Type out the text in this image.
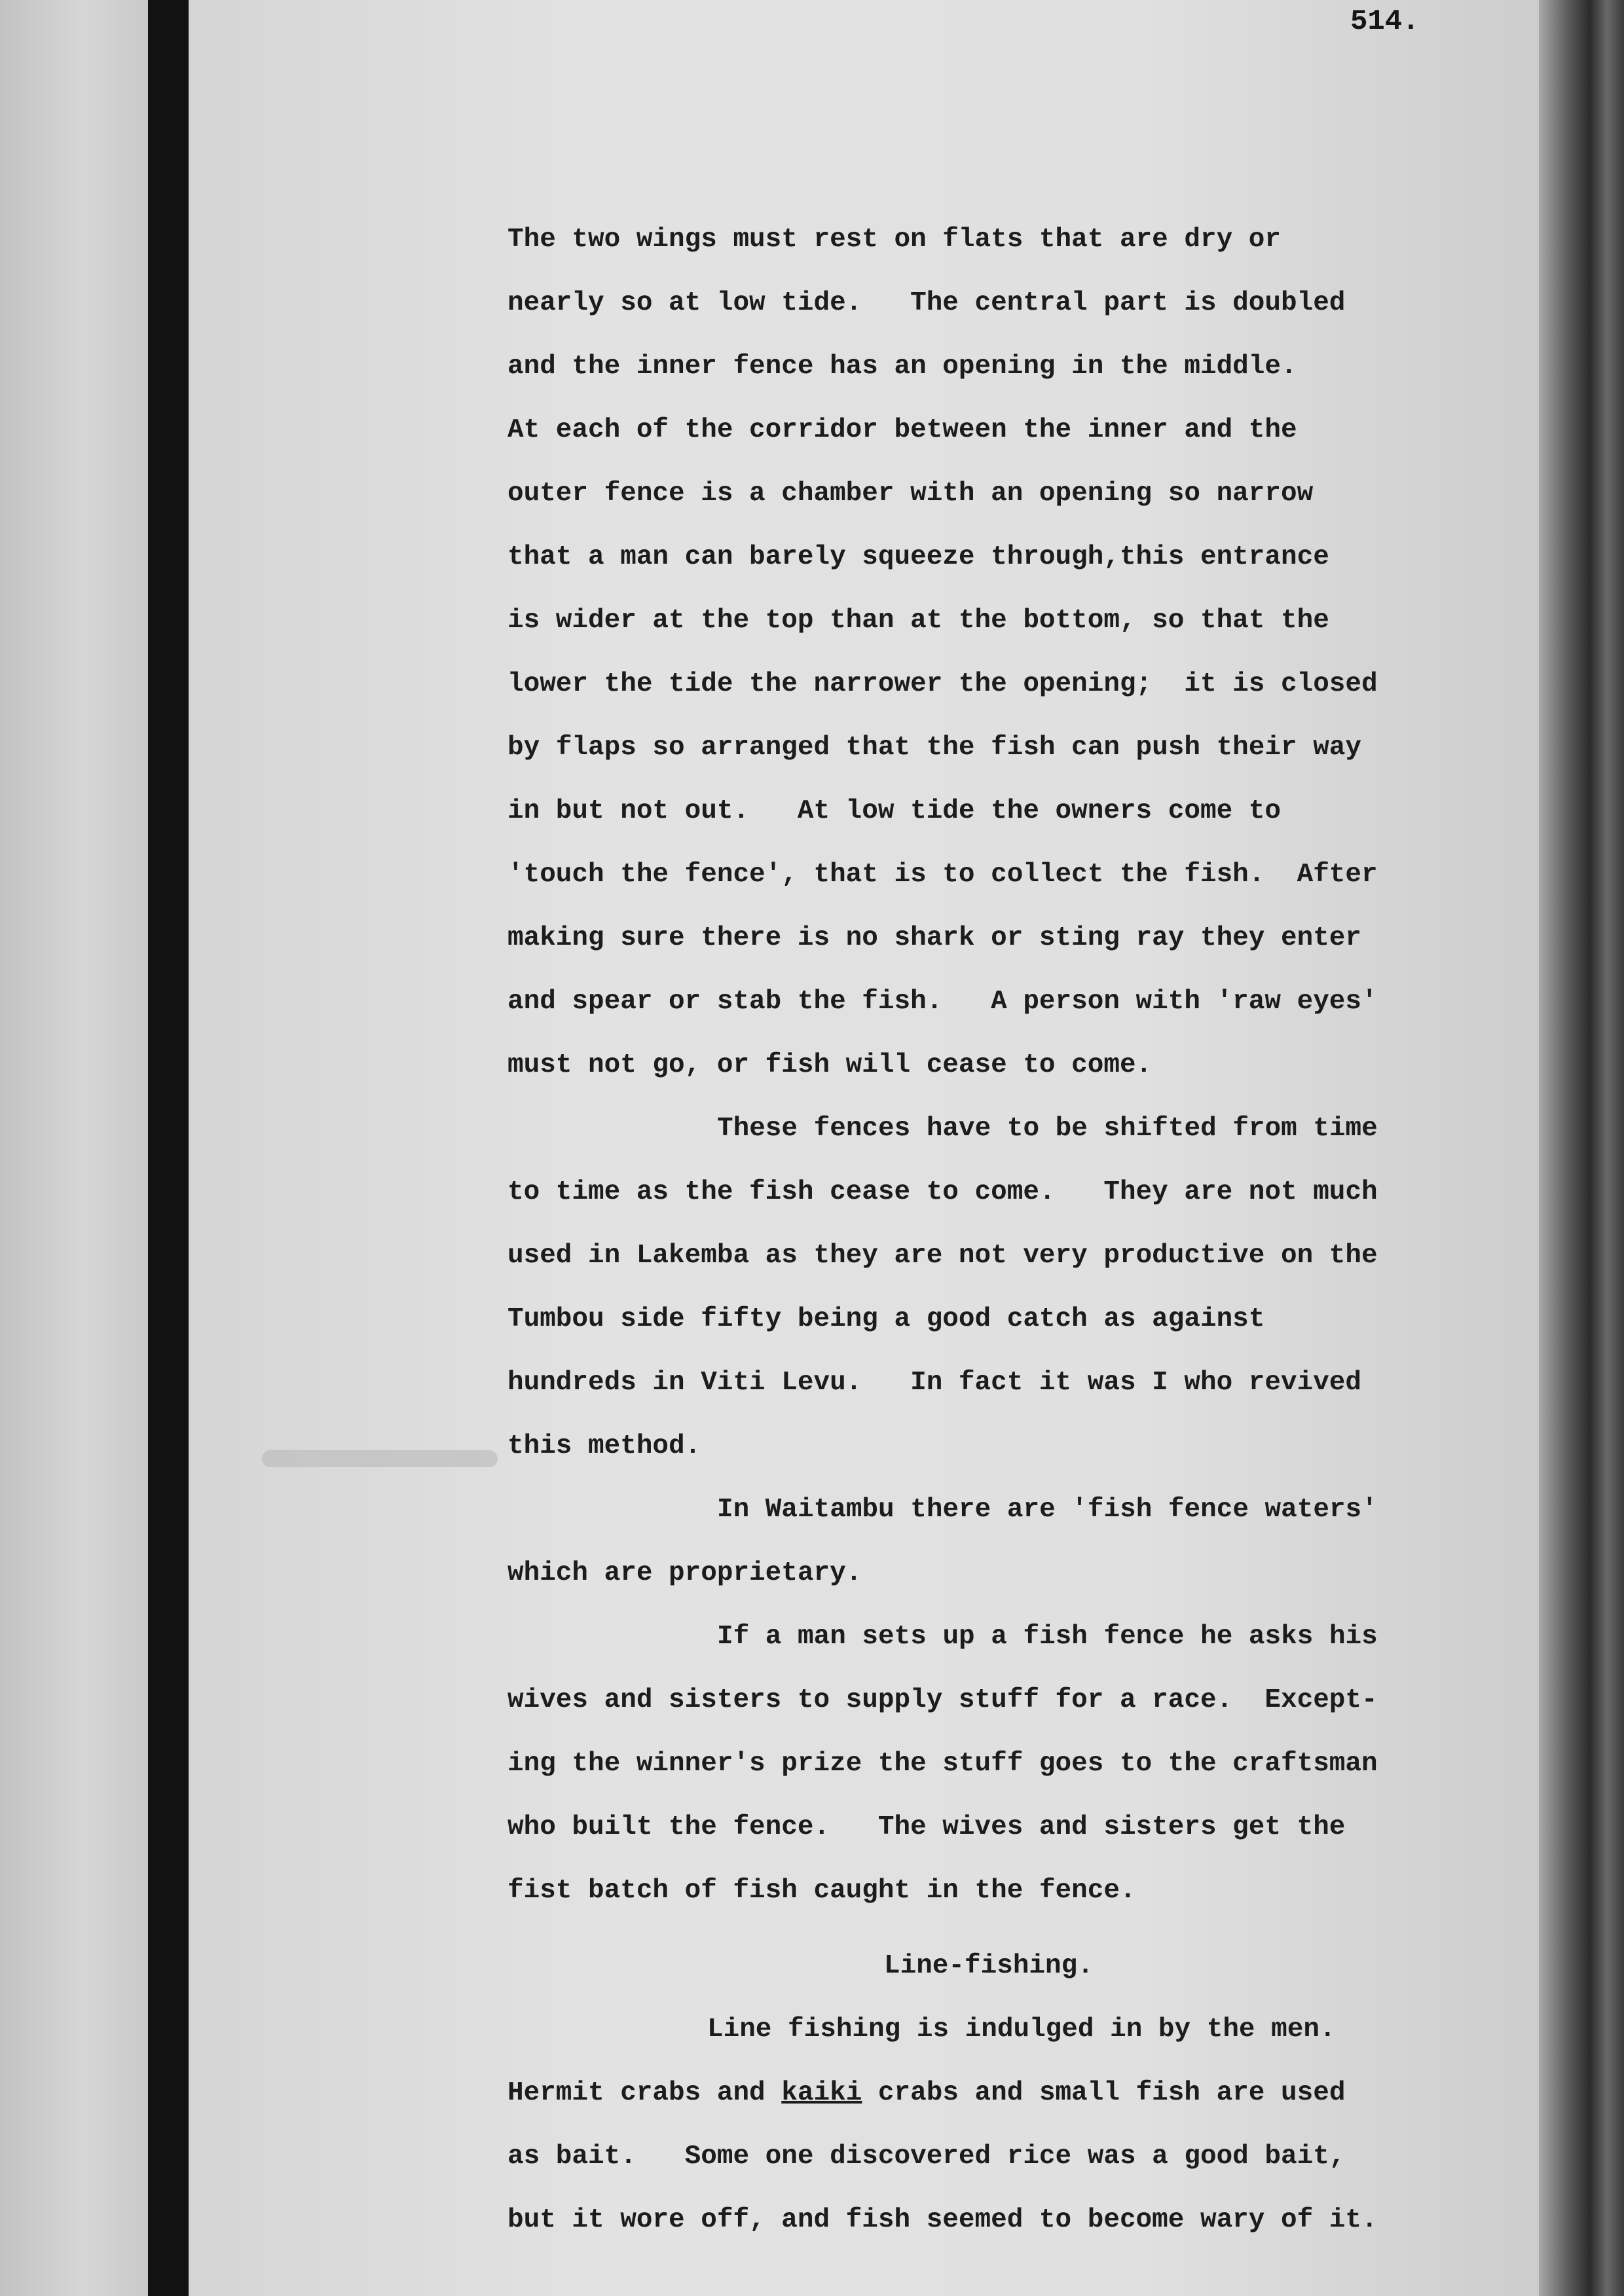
514.
The two wings must rest on flats that are dry or
nearly so at low tide.   The central part is doubled
and the inner fence has an opening in the middle.
At each of the corridor between the inner and the
outer fence is a chamber with an opening so narrow
that a man can barely squeeze through,this entrance
is wider at the top than at the bottom, so that the
lower the tide the narrower the opening;  it is closed
by flaps so arranged that the fish can push their way
in but not out.   At low tide the owners come to
'touch the fence', that is to collect the fish.  After
making sure there is no shark or sting ray they enter
and spear or stab the fish.   A person with 'raw eyes'
must not go, or fish will cease to come.
These fences have to be shifted from time
to time as the fish cease to come.   They are not much
used in Lakemba as they are not very productive on the
Tumbou side fifty being a good catch as against
hundreds in Viti Levu.   In fact it was I who revived
this method.
In Waitambu there are 'fish fence waters'
which are proprietary.
If a man sets up a fish fence he asks his
wives and sisters to supply stuff for a race.  Except-
ing the winner's prize the stuff goes to the craftsman
who built the fence.   The wives and sisters get the
fist batch of fish caught in the fence.
Line-fishing.
Line fishing is indulged in by the men.
Hermit crabs and kaiki crabs and small fish are used
as bait.   Some one discovered rice was a good bait,
but it wore off, and fish seemed to become wary of it.
